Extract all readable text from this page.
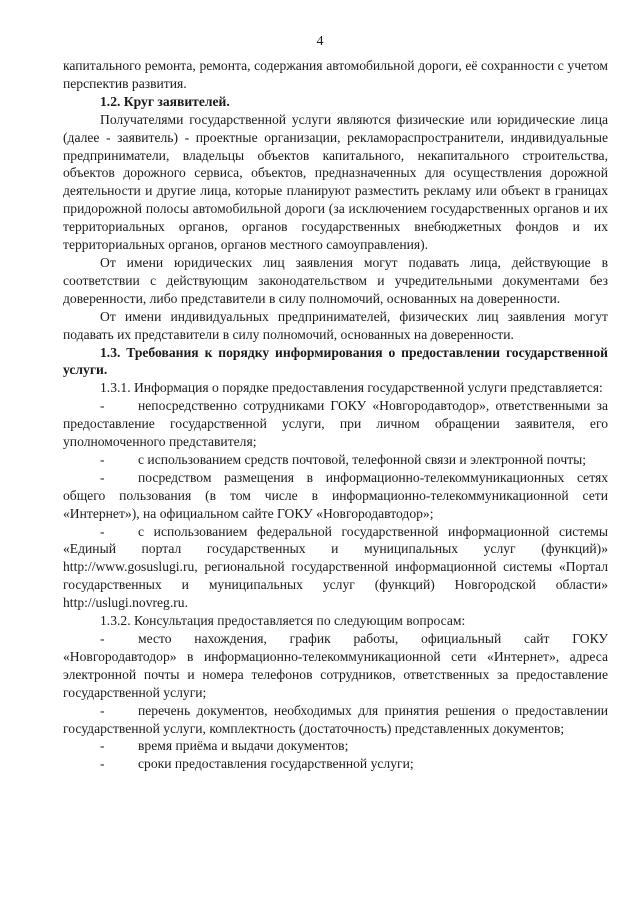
4

капитального ремонта, ремонта, содержания автомобильной дороги, её сохранности с учетом перспектив развития.

1.2. Круг заявителей.

Получателями государственной услуги являются физические или юридические лица (далее - заявитель) - проектные организации, рекламораспространители, индивидуальные предприниматели, владельцы объектов капитального, некапитального строительства, объектов дорожного сервиса, объектов, предназначенных для осуществления дорожной деятельности и другие лица, которые планируют разместить рекламу или объект в границах придорожной полосы автомобильной дороги (за исключением государственных органов и их территориальных органов, органов государственных внебюджетных фондов и их территориальных органов, органов местного самоуправления).

От имени юридических лиц заявления могут подавать лица, действующие в соответствии с действующим законодательством и учредительными документами без доверенности, либо представители в силу полномочий, основанных на доверенности.

От имени индивидуальных предпринимателей, физических лиц заявления могут подавать их представители в силу полномочий, основанных на доверенности.

1.3. Требования к порядку информирования о предоставлении государственной услуги.

1.3.1. Информация о порядке предоставления государственной услуги представляется:

- непосредственно сотрудниками ГОКУ «Новгородавтодор», ответственными за предоставление государственной услуги, при личном обращении заявителя, его уполномоченного представителя;

- с использованием средств почтовой, телефонной связи и электронной почты;

- посредством размещения в информационно-телекоммуникационных сетях общего пользования (в том числе в информационно-телекоммуникационной сети «Интернет»), на официальном сайте ГОКУ «Новгородавтодор»;

- с использованием федеральной государственной информационной системы «Единый портал государственных и муниципальных услуг (функций)» http://www.gosuslugi.ru, региональной государственной информационной системы «Портал государственных и муниципальных услуг (функций) Новгородской области» http://uslugi.novreg.ru.

1.3.2. Консультация предоставляется по следующим вопросам:

- место нахождения, график работы, официальный сайт ГОКУ «Новгородавтодор» в информационно-телекоммуникационной сети «Интернет», адреса электронной почты и номера телефонов сотрудников, ответственных за предоставление государственной услуги;

- перечень документов, необходимых для принятия решения о предоставлении государственной услуги, комплектность (достаточность) представленных документов;

- время приёма и выдачи документов;

- сроки предоставления государственной услуги;
